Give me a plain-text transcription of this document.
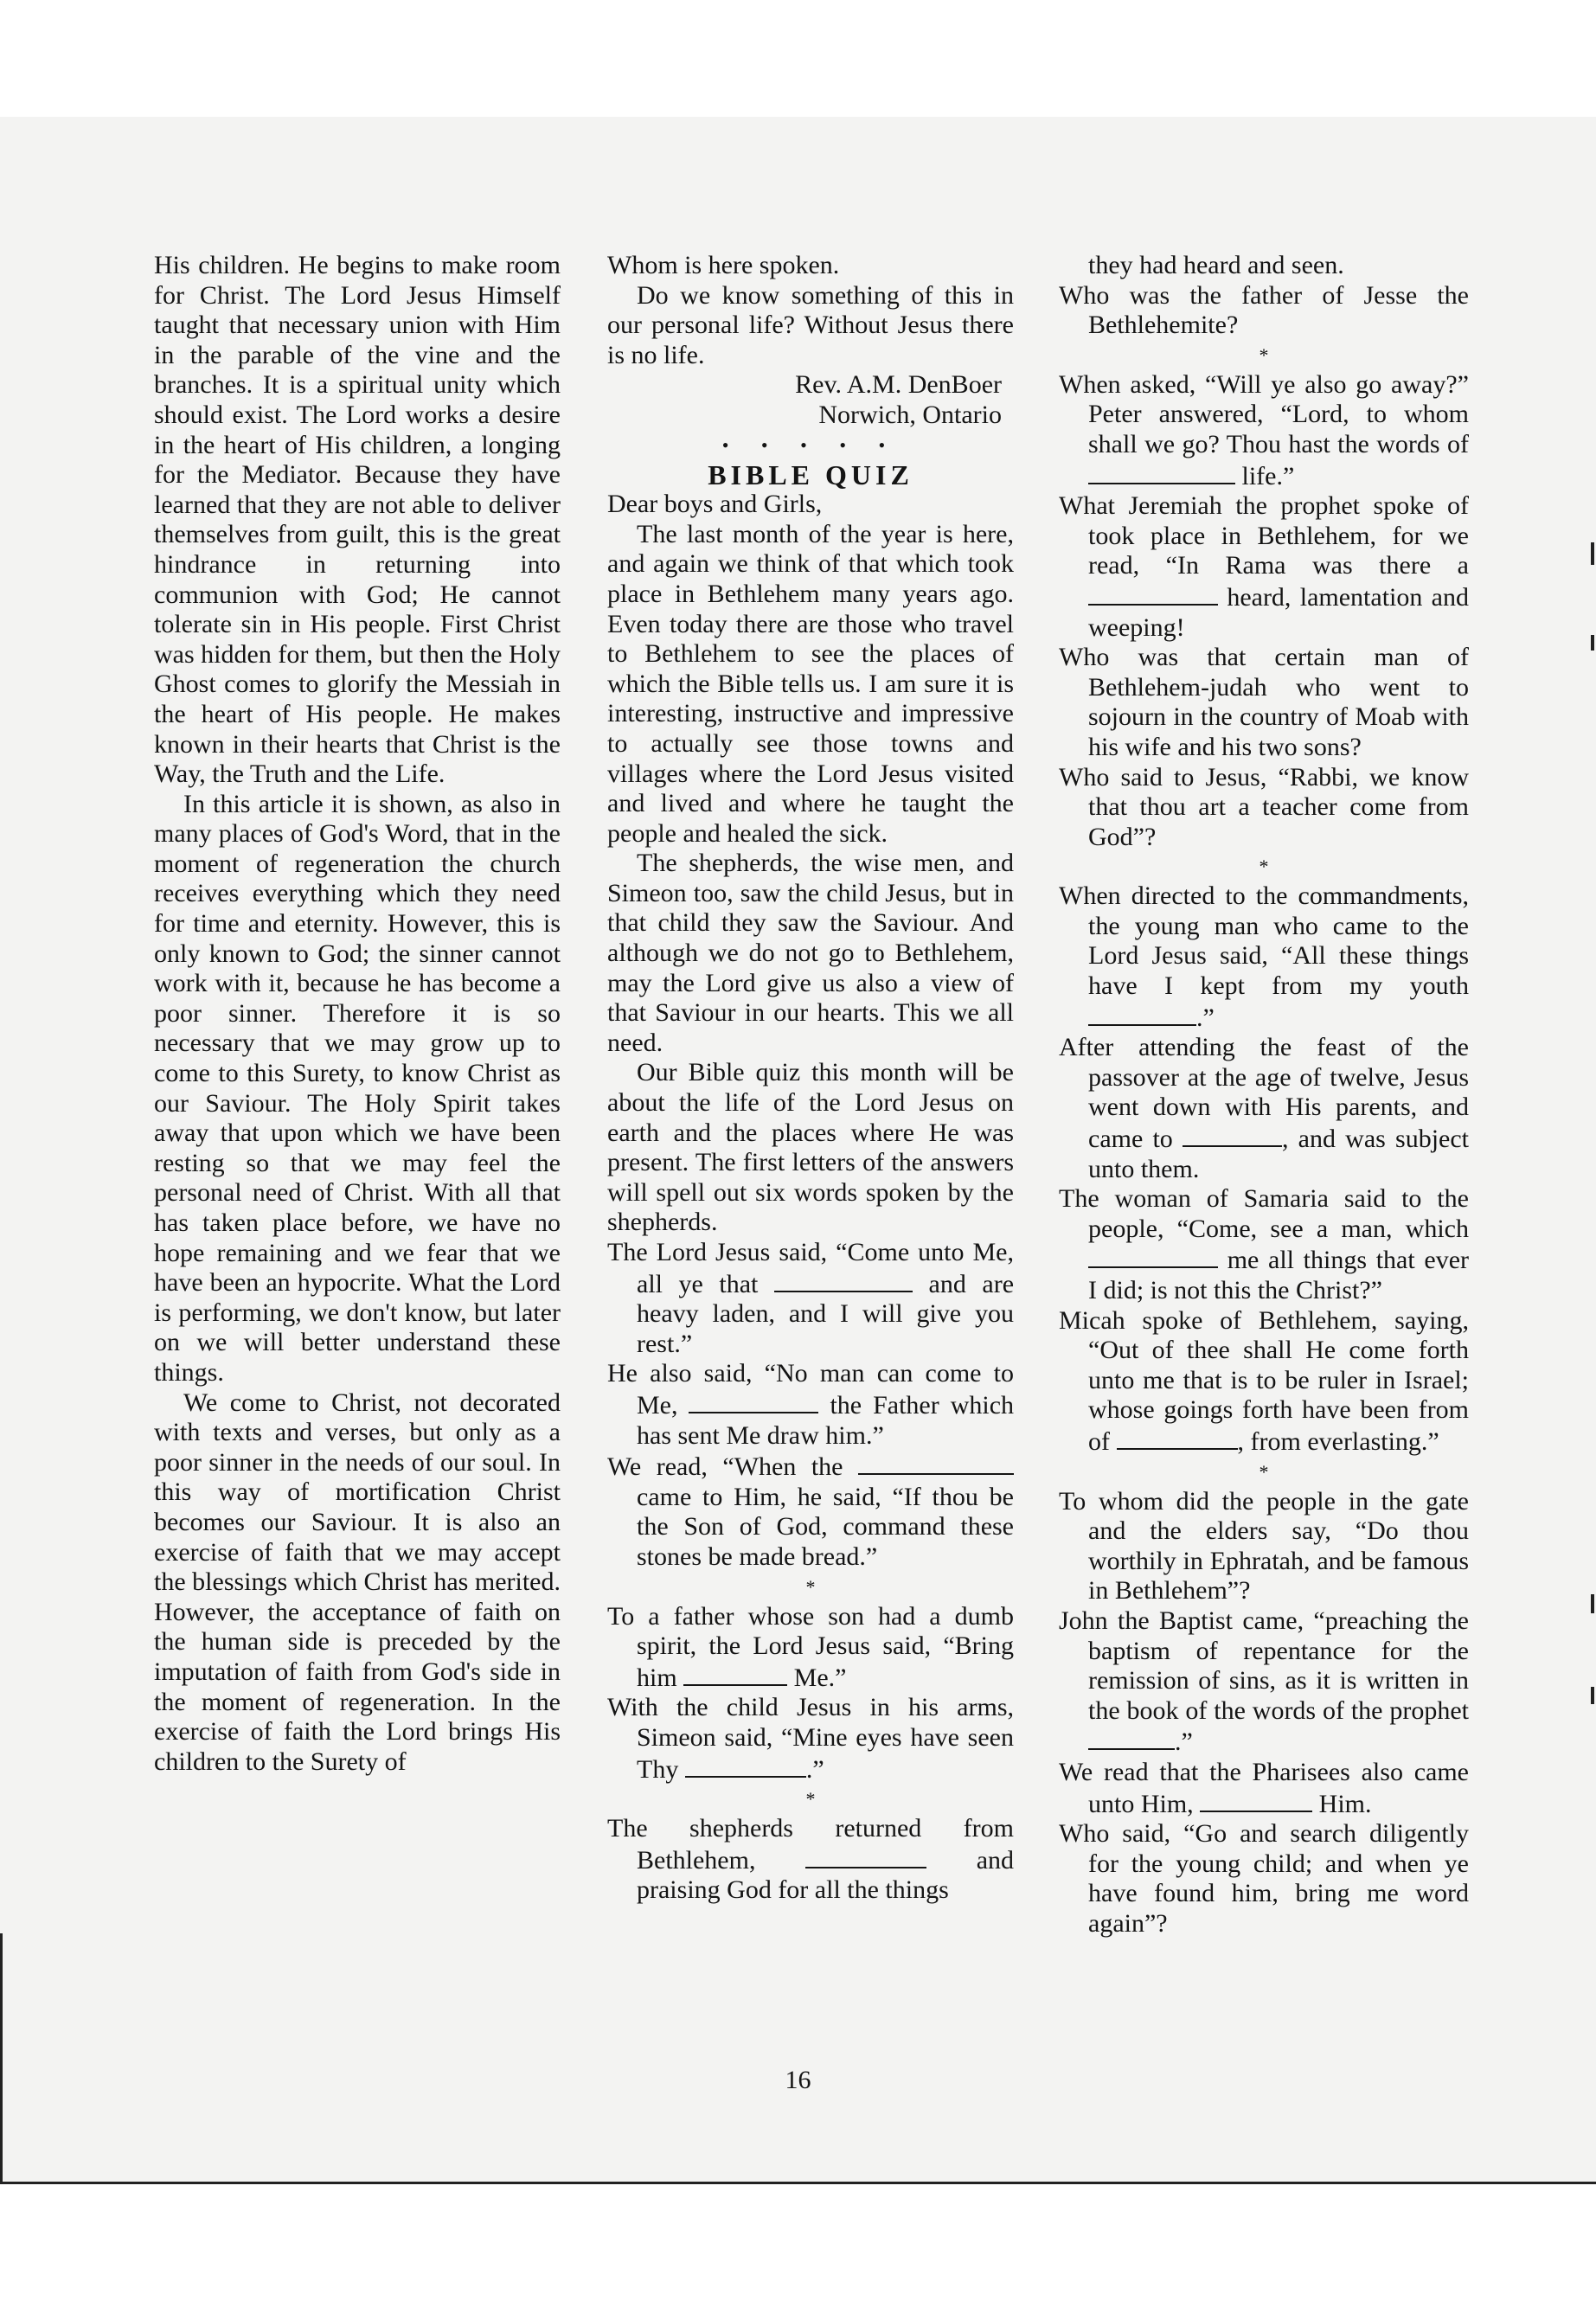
His children. He begins to make room for Christ. The Lord Jesus Himself taught that necessary union with Him in the parable of the vine and the branches. It is a spiritual unity which should exist. The Lord works a desire in the heart of His children, a longing for the Mediator. Because they have learned that they are not able to deliver themselves from guilt, this is the great hindrance in returning into communion with God; He cannot tolerate sin in His people. First Christ was hidden for them, but then the Holy Ghost comes to glorify the Messiah in the heart of His people. He makes known in their hearts that Christ is the Way, the Truth and the Life.

In this article it is shown, as also in many places of God's Word, that in the moment of regeneration the church receives everything which they need for time and eternity. However, this is only known to God; the sinner cannot work with it, because he has become a poor sinner. Therefore it is so necessary that we may grow up to come to this Surety, to know Christ as our Saviour. The Holy Spirit takes away that upon which we have been resting so that we may feel the personal need of Christ. With all that has taken place before, we have no hope remaining and we fear that we have been an hypocrite. What the Lord is performing, we don't know, but later on we will better understand these things.

We come to Christ, not decorated with texts and verses, but only as a poor sinner in the needs of our soul. In this way of mortification Christ becomes our Saviour. It is also an exercise of faith that we may accept the blessings which Christ has merited. However, the acceptance of faith on the human side is preceded by the imputation of faith from God's side in the moment of regeneration. In the exercise of faith the Lord brings His children to the Surety of

Whom is here spoken.

Do we know something of this in our personal life? Without Jesus there is no life.

Rev. A.M. DenBoer

Norwich, Ontario

• • • • •

BIBLE QUIZ

Dear boys and Girls,

The last month of the year is here, and again we think of that which took place in Bethlehem many years ago. Even today there are those who travel to Bethlehem to see the places of which the Bible tells us. I am sure it is interesting, instructive and impressive to actually see those towns and villages where the Lord Jesus visited and lived and where he taught the people and healed the sick.

The shepherds, the wise men, and Simeon too, saw the child Jesus, but in that child they saw the Saviour. And although we do not go to Bethlehem, may the Lord give us also a view of that Saviour in our hearts. This we all need.

Our Bible quiz this month will be about the life of the Lord Jesus on earth and the places where He was present. The first letters of the answers will spell out six words spoken by the shepherds.

The Lord Jesus said, “Come unto Me, all ye that	and are heavy laden, and I will give you rest.”

He also said, “No man can come to Me,	the Father which has sent Me draw him.”

We read, “When the  came to Him, he said, “If thou be the Son of God, command these stones be made bread.”

*

To a father whose son had a dumb spirit, the Lord Jesus said, “Bring him	Me.”

With the child Jesus in his arms, Simeon said, “Mine eyes have seen Thy	.”

*

The shepherds returned from Bethlehem,	and praising God for all the things

they had heard and seen.

Who was the father of Jesse the Bethlehemite?

*

When asked, “Will ye also go away?” Peter answered, “Lord, to whom shall we go? Thou hast the words of  life.”

What Jeremiah the prophet spoke of took place in Bethlehem, for we read, “In Rama was there a  heard, lamentation and weeping!

Who was that certain man of Bethlehem-judah who went to sojourn in the country of Moab with his wife and his two sons?

Who said to Jesus, “Rabbi, we know that thou art a teacher come from God”?

*

When directed to the commandments, the young man who came to the Lord Jesus said, “All these things have I kept from my youth .”

After attending the feast of the passover at the age of twelve, Jesus went down with His parents, and came to	, and was subject unto them.

The woman of Samaria said to the people, “Come, see a man, which  me all things that ever I did; is not this the Christ?”

Micah spoke of Bethlehem, saying, “Out of thee shall He come forth unto me that is to be ruler in Israel; whose goings forth have been from of	, from everlasting.”

*

To whom did the people in the gate and the elders say, “Do thou worthily in Ephratah, and be famous in Bethlehem”?

John the Baptist came, “preaching the baptism of repentance for the remission of sins, as it is written in the book of the words of the prophet .”

We read that the Pharisees also came unto Him,	Him.

Who said, “Go and search diligently for the young child; and when ye have found him, bring me word again”?

16
